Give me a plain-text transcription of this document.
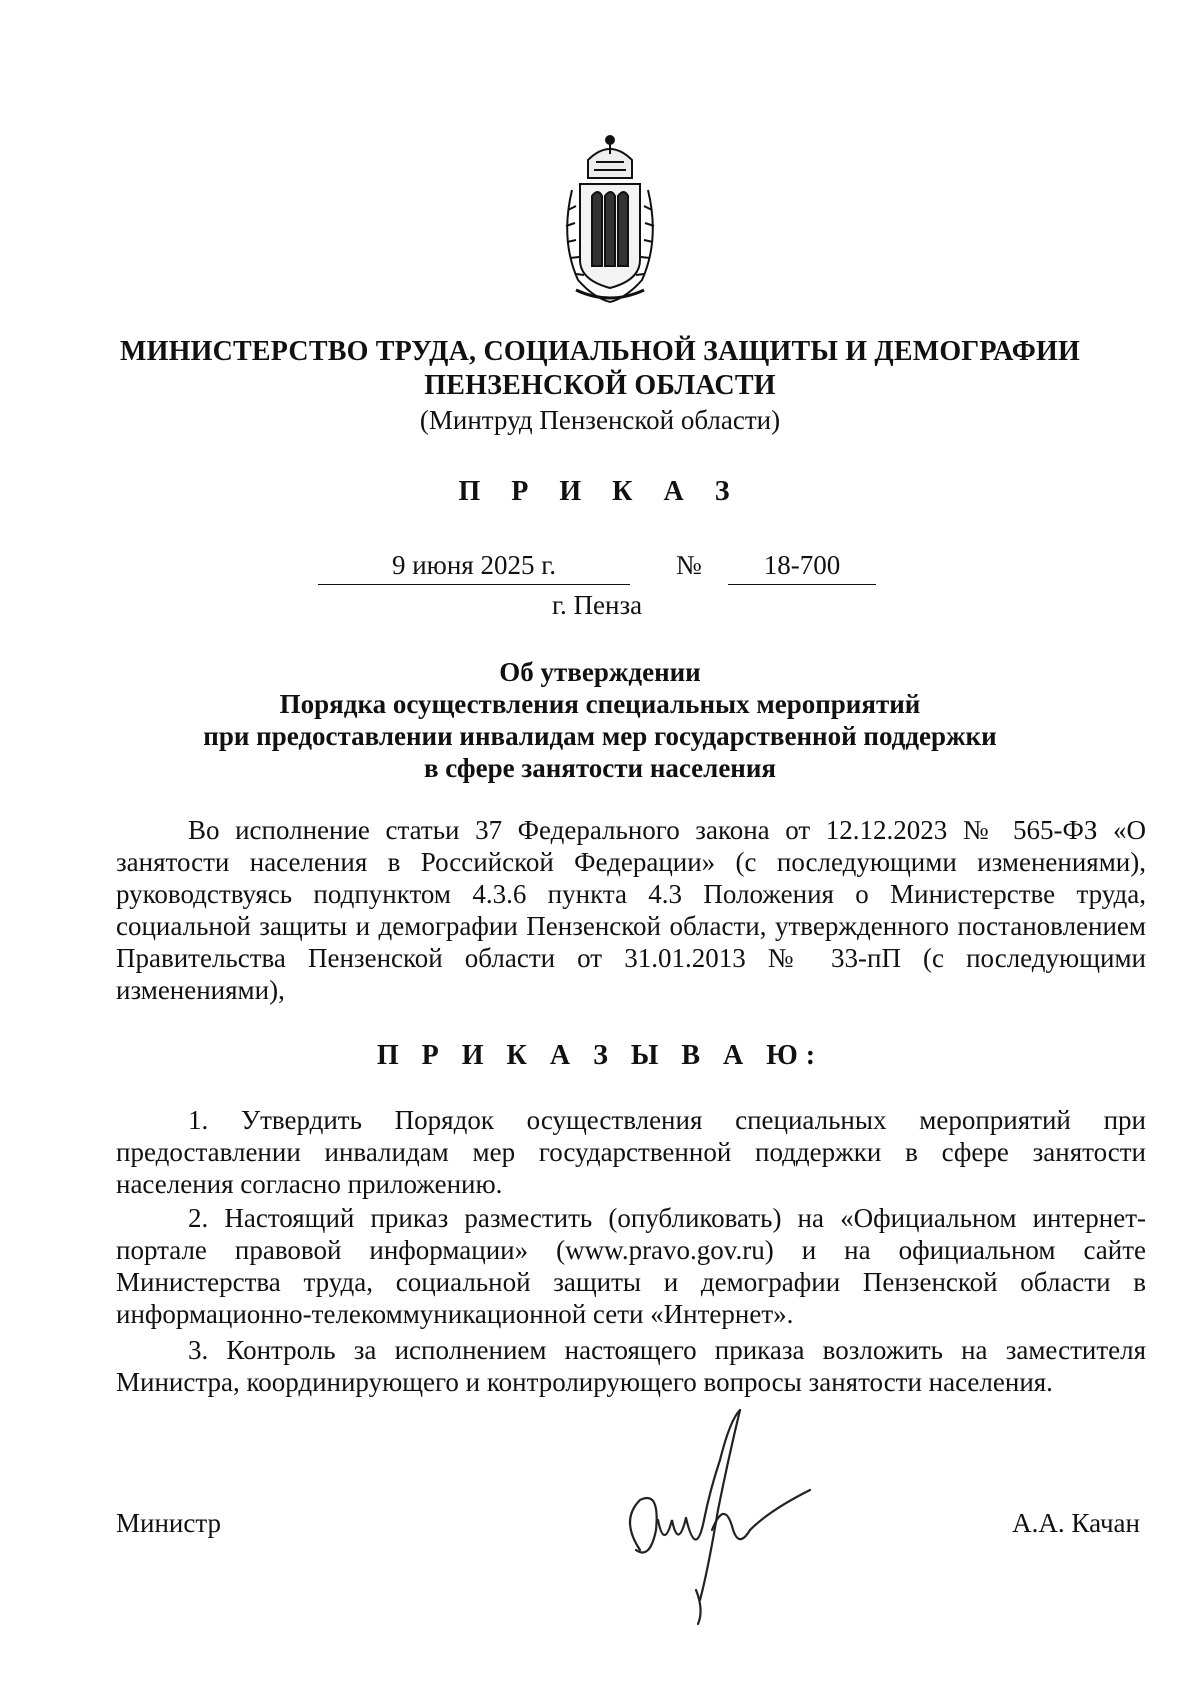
МИНИСТЕРСТВО ТРУДА, СОЦИАЛЬНОЙ ЗАЩИТЫ И ДЕМОГРАФИИ
ПЕНЗЕНСКОЙ ОБЛАСТИ
(Минтруд Пензенской области)
П Р И К А З
9 июня 2025 г.	№	18-700
г. Пенза
Об утверждении
Порядка осуществления специальных мероприятий
при предоставлении инвалидам мер государственной поддержки
в сфере занятости населения

Во исполнение статьи 37 Федерального закона от 12.12.2023 № 565-ФЗ «О занятости населения в Российской Федерации» (с последующими изменениями), руководствуясь подпунктом 4.3.6 пункта 4.3 Положения о Министерстве труда, социальной защиты и демографии Пензенской области, утвержденного постановлением Правительства Пензенской области от 31.01.2013 № 33-пП (с последующими изменениями),

П Р И К А З Ы В А Ю:

1. Утвердить Порядок осуществления специальных мероприятий при предоставлении инвалидам мер государственной поддержки в сфере занятости населения согласно приложению.

2. Настоящий приказ разместить (опубликовать) на «Официальном интернет-портале правовой информации» (www.pravo.gov.ru) и на официальном сайте Министерства труда, социальной защиты и демографии Пензенской области в информационно-телекоммуникационной сети «Интернет».

3. Контроль за исполнением настоящего приказа возложить на заместителя Министра, координирующего и контролирующего вопросы занятости населения.

Министр	А.А. Качан
